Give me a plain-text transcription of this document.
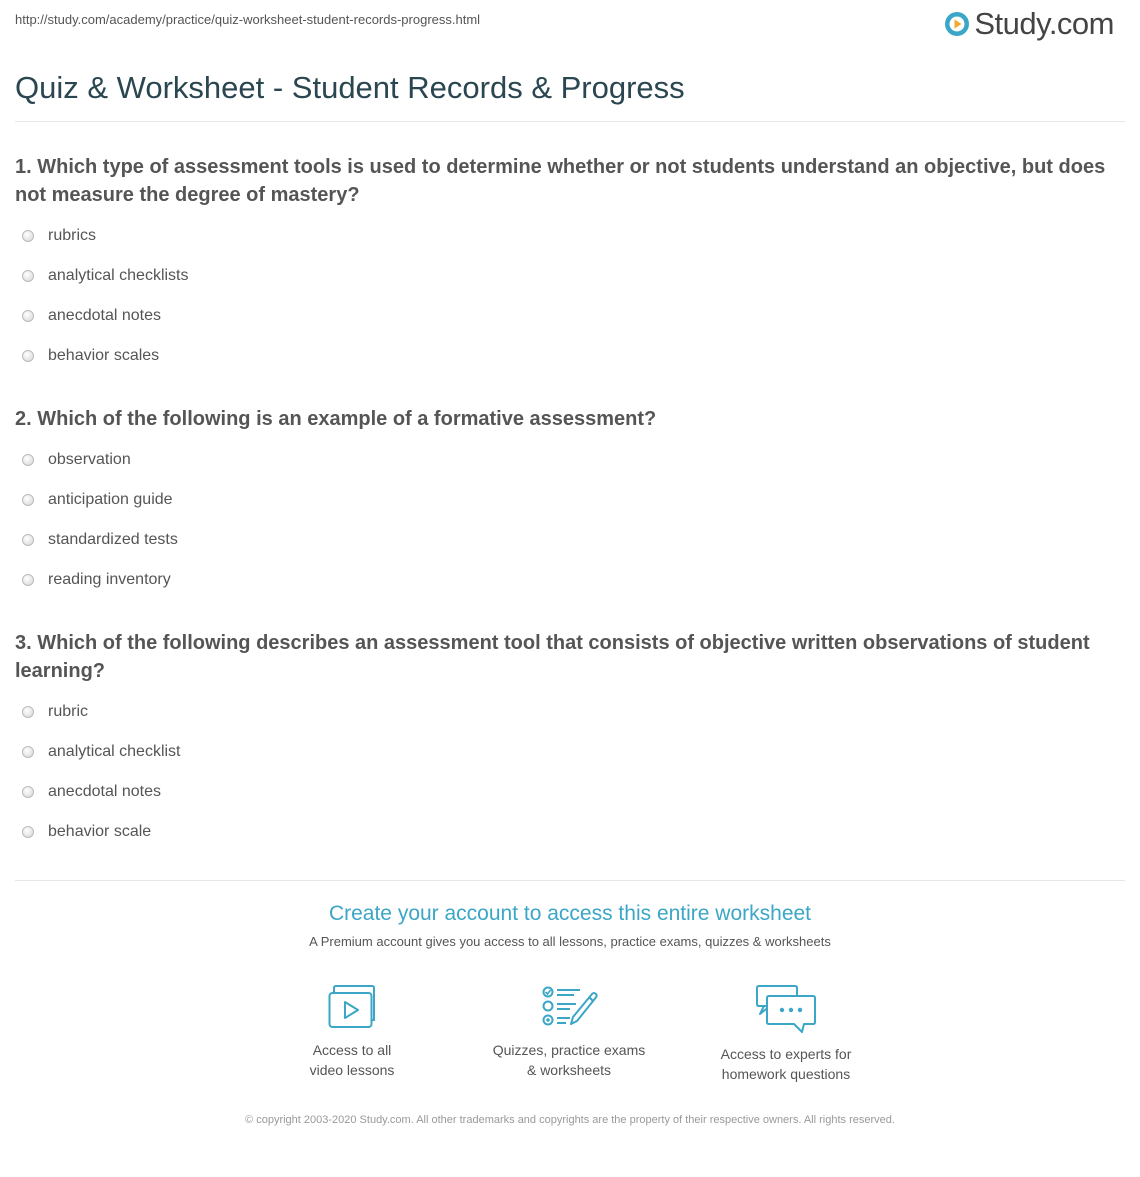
http://study.com/academy/practice/quiz-worksheet-student-records-progress.html	Study.com
Quiz & Worksheet - Student Records & Progress

1. Which type of assessment tools is used to determine whether or not students understand an objective, but does not measure the degree of mastery?

rubrics
analytical checklists
anecdotal notes
behavior scales

2. Which of the following is an example of a formative assessment?

observation
anticipation guide
standardized tests
reading inventory

3. Which of the following describes an assessment tool that consists of objective written observations of student learning?

rubric
analytical checklist
anecdotal notes
behavior scale
Create your account to access this entire worksheet
A Premium account gives you access to all lessons, practice exams, quizzes & worksheets
Access to all
video lessons
Quizzes, practice exams
& worksheets
Access to experts for
homework questions
© copyright 2003-2020 Study.com. All other trademarks and copyrights are the property of their respective owners. All rights reserved.
